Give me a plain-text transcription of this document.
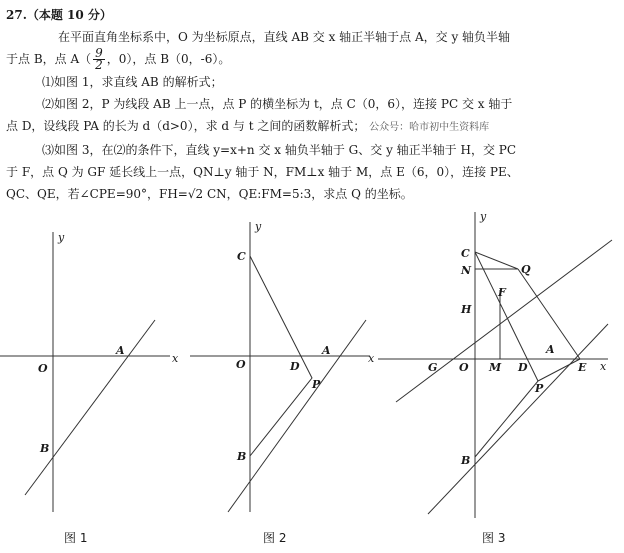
27.（本题 10 分）

在平面直角坐标系中，O 为坐标原点，直线 AB 交 x 轴正半轴于点 A，交 y 轴负半轴

于点 B，点 $A( \frac{9}{2}$ ，0），点 B（0，-6）。

⑴如图 1，求直线 AB 的解析式；

⑵如图 2，P 为线段 AB 上一点，点 P 的横坐标为 t，点 C（0，6），连接 PC 交 x 轴于

点 D，设线段 PA 的长为 d（d>0），求 d 与 t 之间的函数解析式； 公众号：哈市初中生资料库

⑶如图 3，在⑵的条件下，直线 y=x+n 交 x 轴负半轴于 G、交 y 轴正半轴于 H，交 PC

于 F，点 Q 为 GF 延长线上一点，QN⊥y 轴于 N，FM⊥x 轴于 M，点 E（6，0），连接 PE、

QC、QE，若∠CPE=90°，FH=√2 CN，QE:FM=5:3，求点 Q 的坐标。

y
x
O
A
B
图 1
y
x
C
O	D
A
P
B
图 2
y
x
C
N	Q
F
H
G O M D
A
E
P
B
图 3
